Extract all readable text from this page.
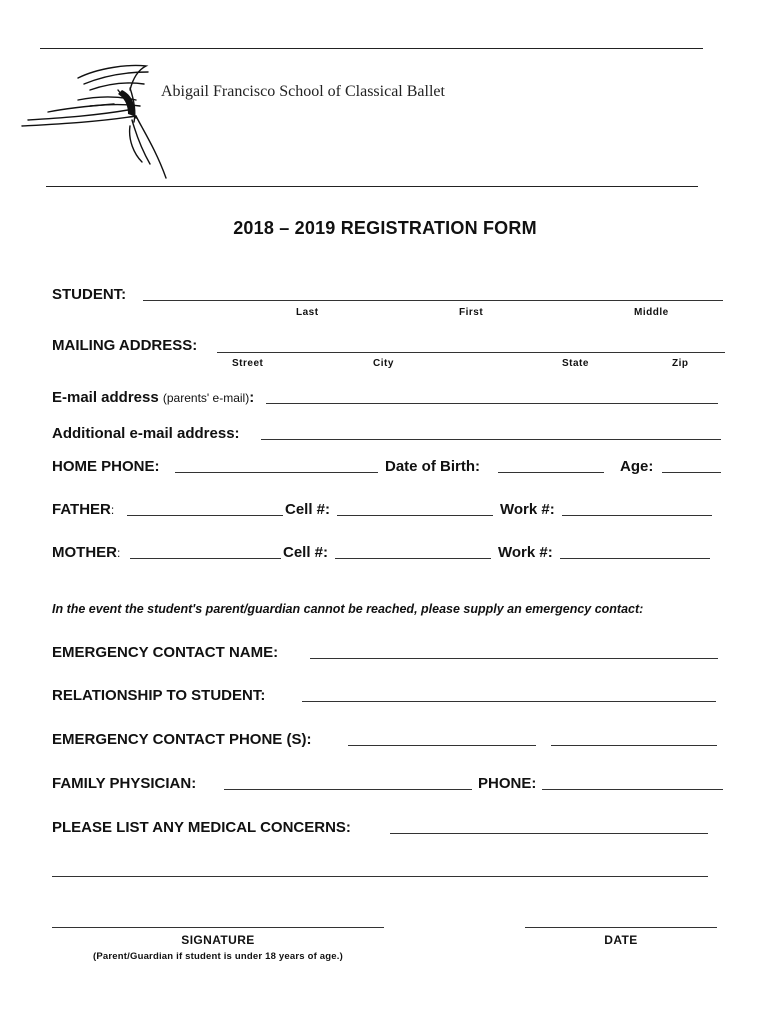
Abigail Francisco School of Classical Ballet
2018 – 2019 REGISTRATION FORM
STUDENT:
Last	First	Middle
MAILING ADDRESS:
Street	City	State	Zip
E-mail address (parents' e-mail):
Additional e-mail address:
HOME PHONE:	Date of Birth:	Age:
FATHER:	Cell #:	Work #:
MOTHER:	Cell #:	Work #:
In the event the student's parent/guardian cannot be reached, please supply an emergency contact:
EMERGENCY CONTACT NAME:
RELATIONSHIP TO STUDENT:
EMERGENCY CONTACT PHONE (S):
FAMILY PHYSICIAN:	PHONE:
PLEASE LIST ANY MEDICAL CONCERNS:
SIGNATURE
(Parent/Guardian if student is under 18 years of age.)
DATE
